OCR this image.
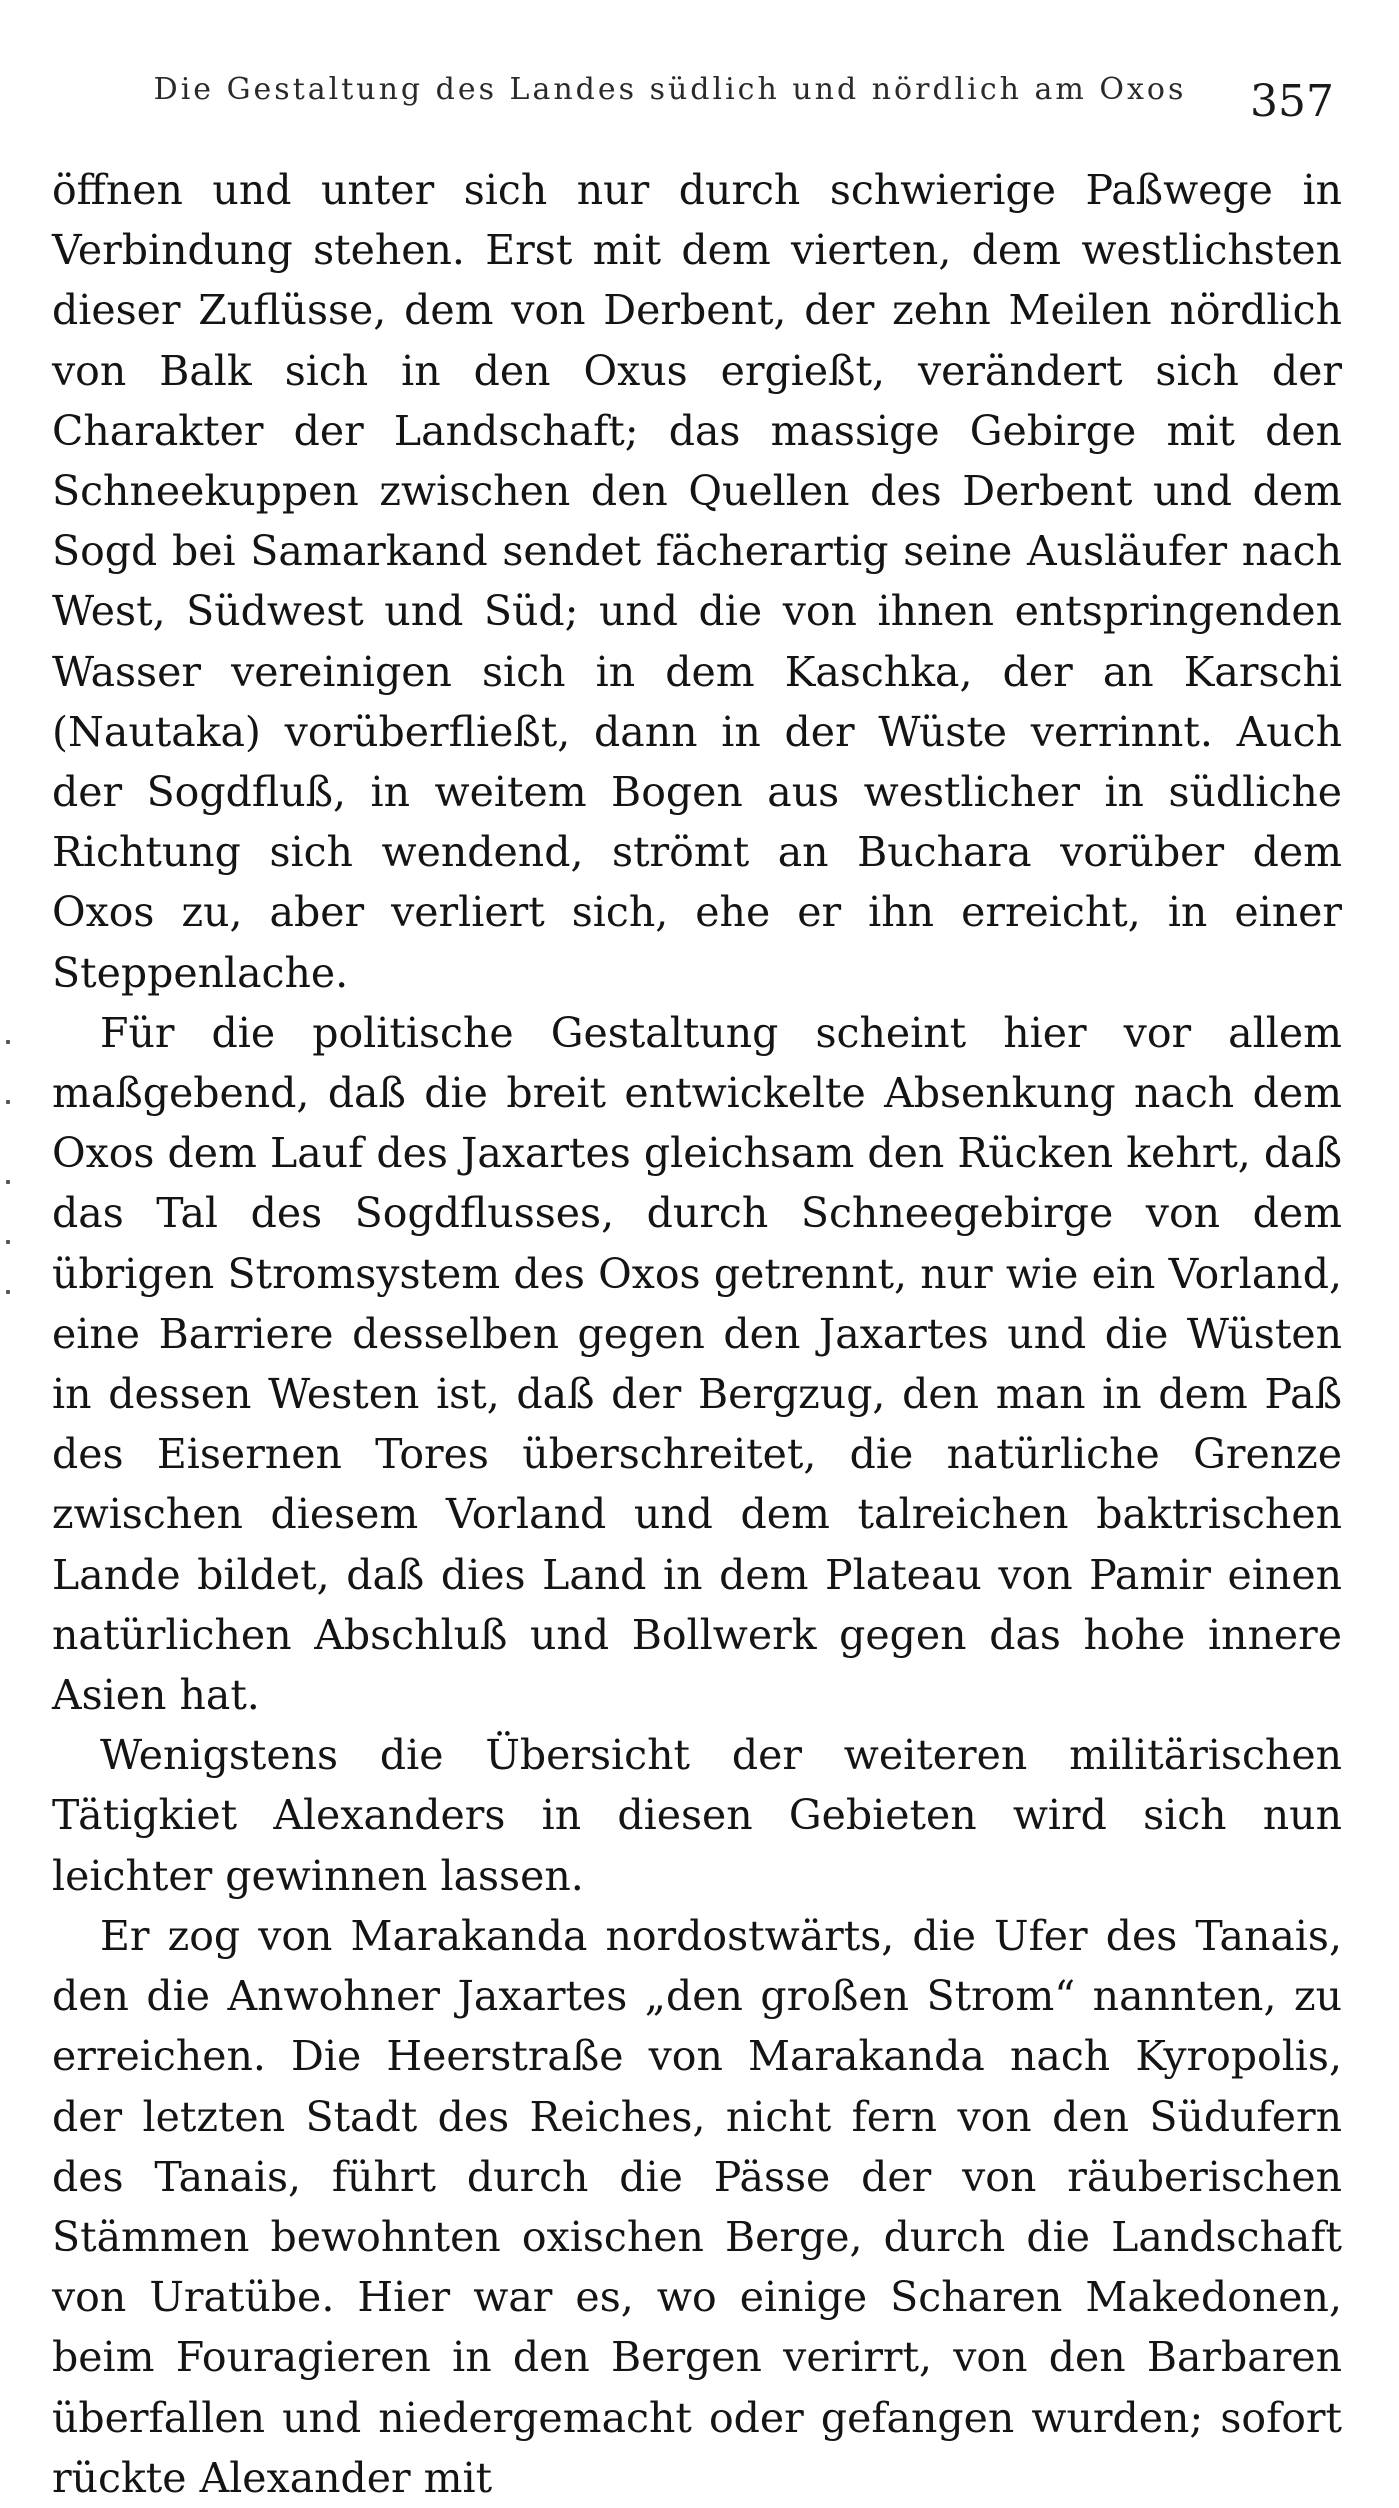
Die Gestaltung des Landes südlich und nördlich am Oxos 357

öffnen und unter sich nur durch schwierige Paßwege in Verbindung stehen. Erst mit dem vierten, dem westlichsten dieser Zuflüsse, dem von Derbent, der zehn Meilen nördlich von Balk sich in den Oxus ergießt, verändert sich der Charakter der Landschaft; das massige Gebirge mit den Schneekuppen zwischen den Quellen des Derbent und dem Sogd bei Samarkand sendet fächerartig seine Ausläufer nach West, Südwest und Süd; und die von ihnen entspringenden Wasser vereinigen sich in dem Kaschka, der an Karschi (Nautaka) vorüberfließt, dann in der Wüste verrinnt. Auch der Sogdfluß, in weitem Bogen aus westlicher in südliche Richtung sich wendend, strömt an Buchara vorüber dem Oxos zu, aber verliert sich, ehe er ihn erreicht, in einer Steppenlache.

Für die politische Gestaltung scheint hier vor allem maßgebend, daß die breit entwickelte Absenkung nach dem Oxos dem Lauf des Jaxartes gleichsam den Rücken kehrt, daß das Tal des Sogdflusses, durch Schneegebirge von dem übrigen Stromsystem des Oxos getrennt, nur wie ein Vorland, eine Barriere desselben gegen den Jaxartes und die Wüsten in dessen Westen ist, daß der Bergzug, den man in dem Paß des Eisernen Tores überschreitet, die natürliche Grenze zwischen diesem Vorland und dem talreichen baktrischen Lande bildet, daß dies Land in dem Plateau von Pamir einen natürlichen Abschluß und Bollwerk gegen das hohe innere Asien hat.

Wenigstens die Übersicht der weiteren militärischen Tätigkiet Alexanders in diesen Gebieten wird sich nun leichter gewinnen lassen.

Er zog von Marakanda nordostwärts, die Ufer des Tanais, den die Anwohner Jaxartes „den großen Strom“ nannten, zu erreichen. Die Heerstraße von Marakanda nach Kyropolis, der letzten Stadt des Reiches, nicht fern von den Südufern des Tanais, führt durch die Pässe der von räuberischen Stämmen bewohnten oxischen Berge, durch die Landschaft von Uratübe. Hier war es, wo einige Scharen Makedonen, beim Fouragieren in den Bergen verirrt, von den Barbaren überfallen und niedergemacht oder gefangen wurden; sofort rückte Alexander mit
